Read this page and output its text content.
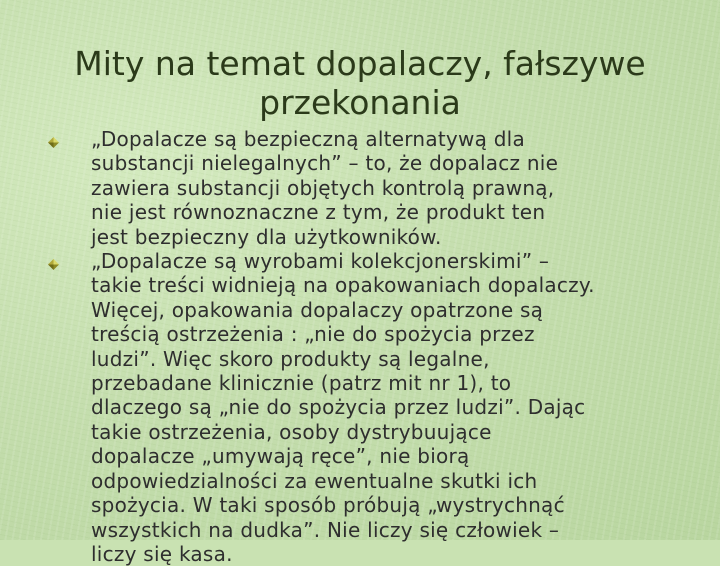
Mity na temat dopalaczy, fałszywe
przekonania
„Dopalacze są bezpieczną alternatywą dla
substancji nielegalnych” – to, że dopalacz nie
zawiera substancji objętych kontrolą prawną,
nie jest równoznaczne z tym, że produkt ten
jest bezpieczny dla użytkowników.
„Dopalacze są wyrobami kolekcjonerskimi” –
takie treści widnieją na opakowaniach dopalaczy.
Więcej, opakowania dopalaczy opatrzone są
treścią ostrzeżenia : „nie do spożycia przez
ludzi”. Więc skoro produkty są legalne,
przebadane klinicznie (patrz mit nr 1), to
dlaczego są „nie do spożycia przez ludzi”. Dając
takie ostrzeżenia, osoby dystrybuujące
dopalacze „umywają ręce”, nie biorą
odpowiedzialności za ewentualne skutki ich
spożycia. W taki sposób próbują „wystrychnąć
wszystkich na dudka”. Nie liczy się człowiek –
liczy się kasa.
